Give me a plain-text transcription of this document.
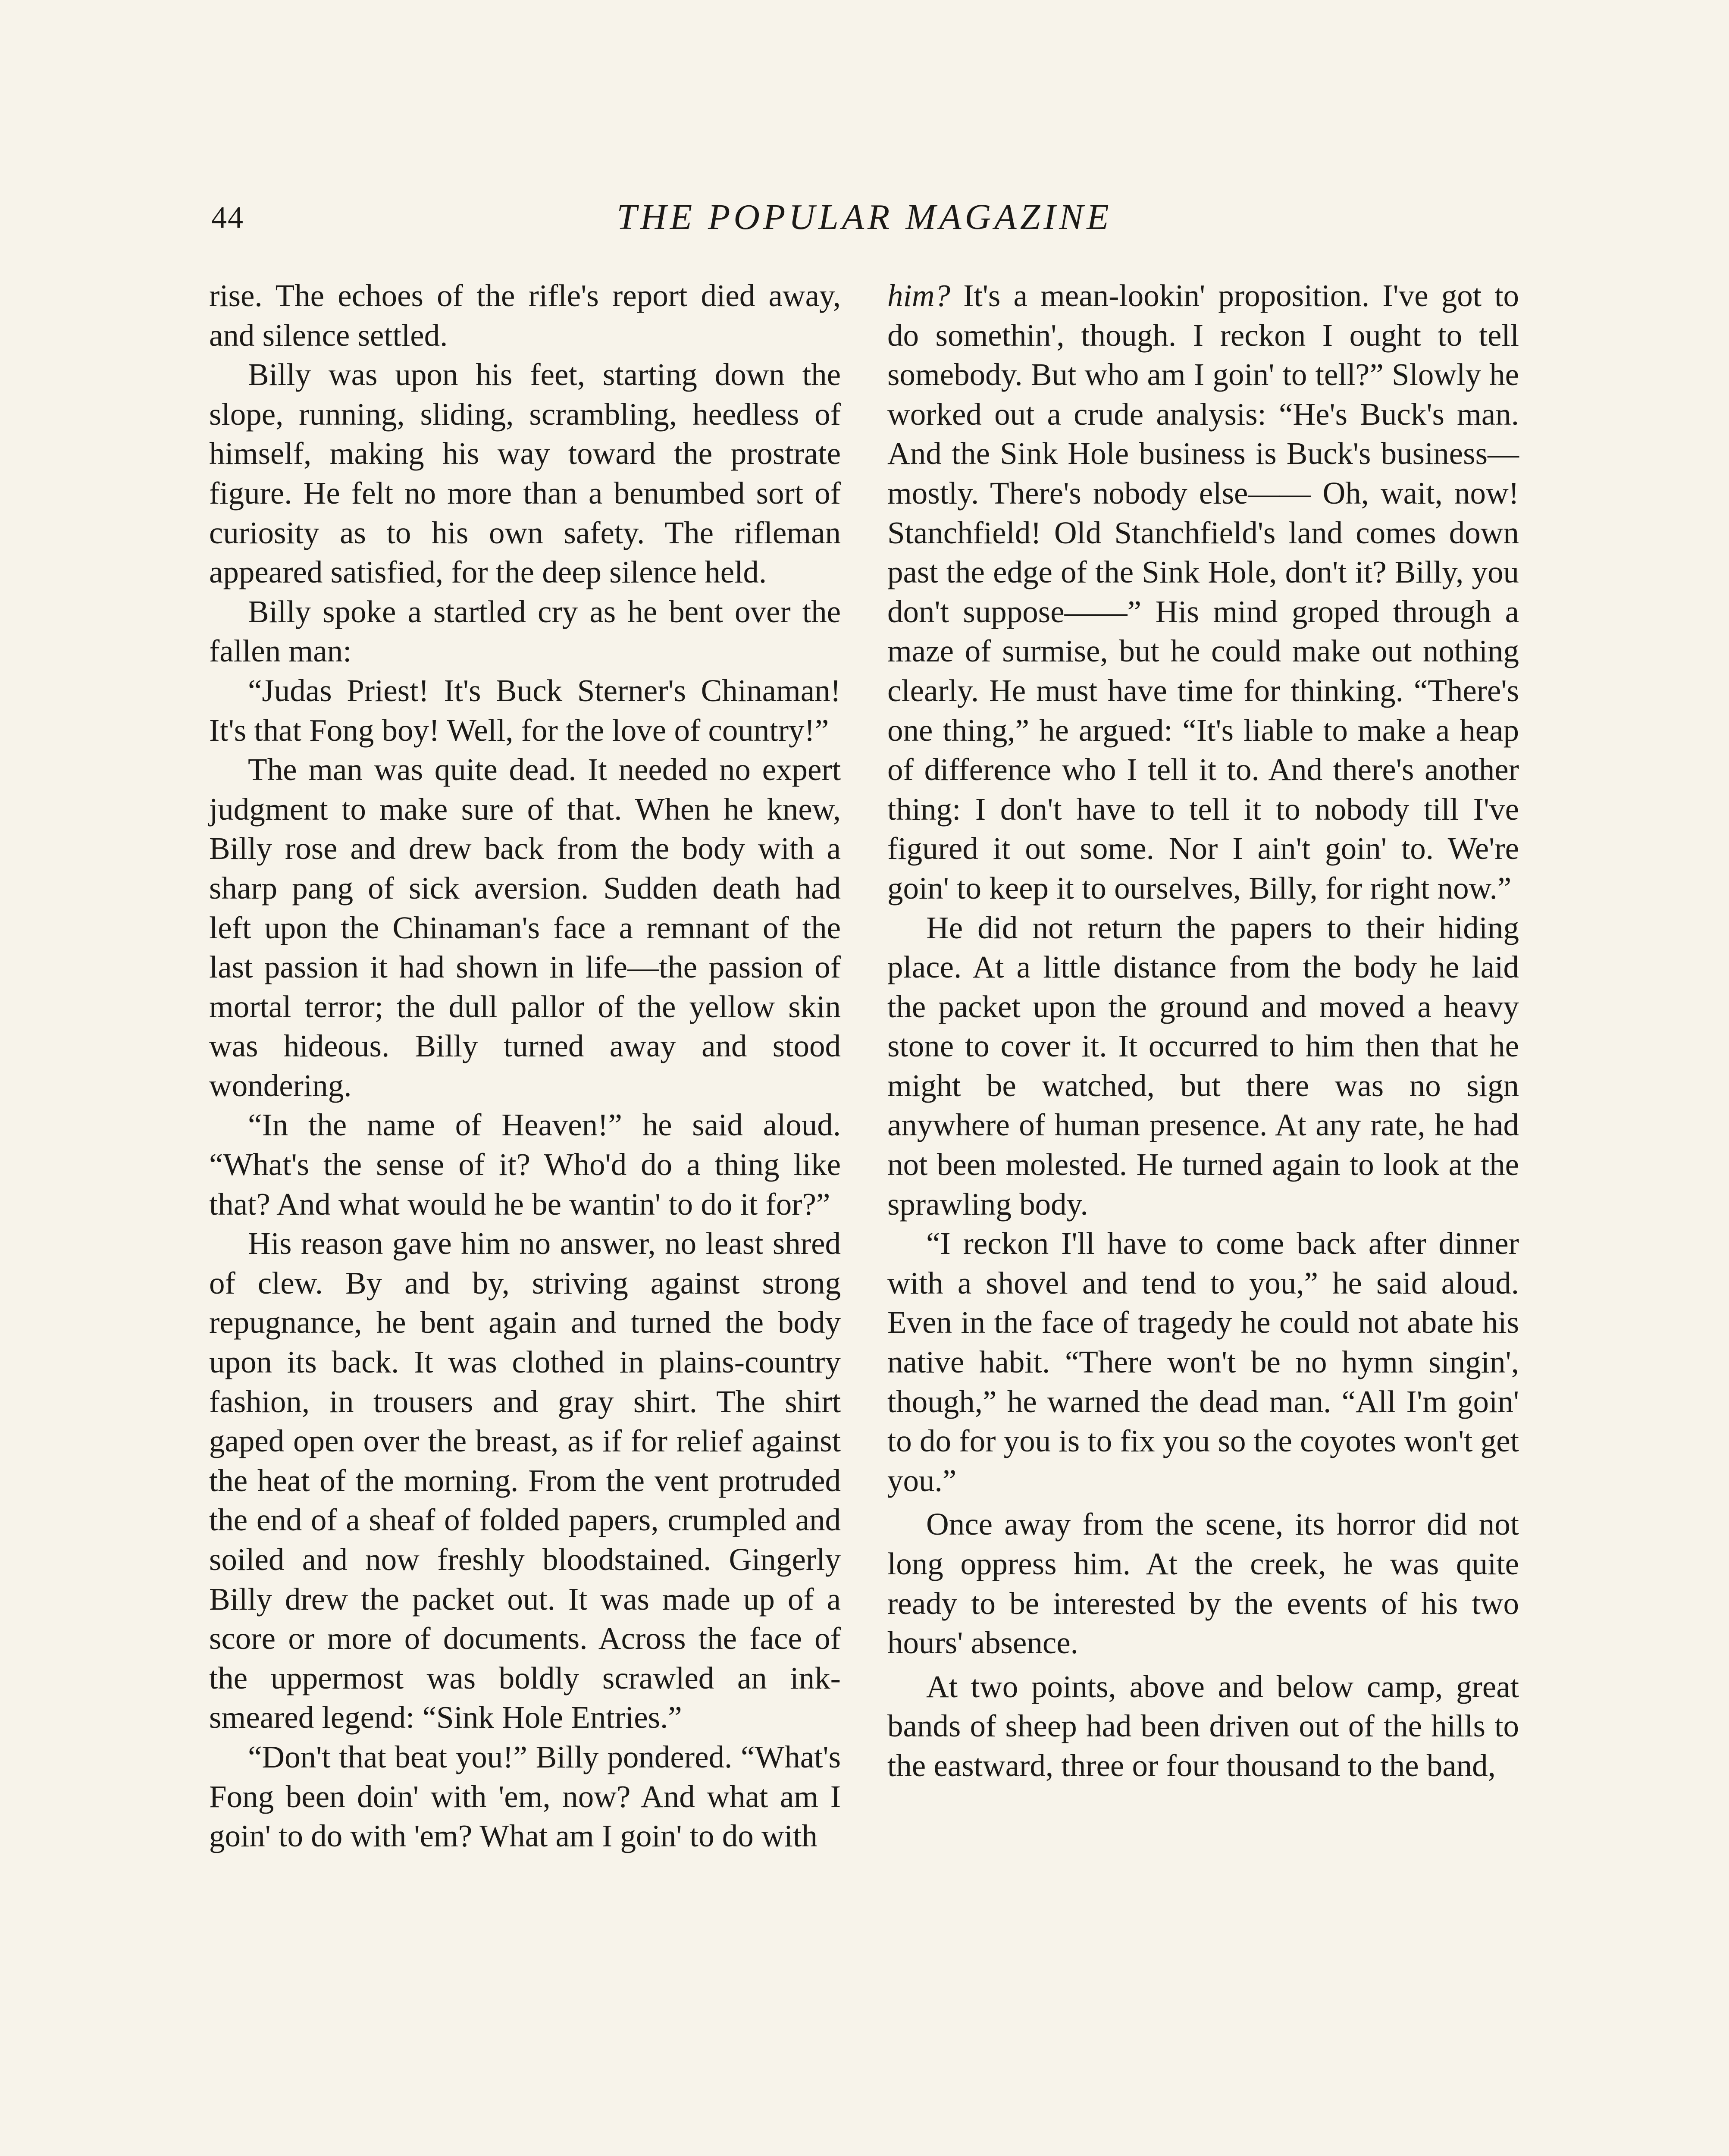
44	THE POPULAR MAGAZINE

rise. The echoes of the rifle's report died away, and silence settled.

Billy was upon his feet, starting down the slope, running, sliding, scrambling, heedless of himself, making his way toward the prostrate figure. He felt no more than a benumbed sort of curiosity as to his own safety. The rifleman appeared satisfied, for the deep silence held.

Billy spoke a startled cry as he bent over the fallen man:

“Judas Priest! It's Buck Sterner's Chinaman! It's that Fong boy! Well, for the love of country!”

The man was quite dead. It needed no expert judgment to make sure of that. When he knew, Billy rose and drew back from the body with a sharp pang of sick aversion. Sudden death had left upon the Chinaman's face a remnant of the last passion it had shown in life—the passion of mortal terror; the dull pallor of the yellow skin was hideous. Billy turned away and stood wondering.

“In the name of Heaven!” he said aloud. “What's the sense of it? Who'd do a thing like that? And what would he be wantin' to do it for?”

His reason gave him no answer, no least shred of clew. By and by, striving against strong repugnance, he bent again and turned the body upon its back. It was clothed in plains-country fashion, in trousers and gray shirt. The shirt gaped open over the breast, as if for relief against the heat of the morning. From the vent protruded the end of a sheaf of folded papers, crumpled and soiled and now freshly bloodstained. Gingerly Billy drew the packet out. It was made up of a score or more of documents. Across the face of the uppermost was boldly scrawled an ink-smeared legend: “Sink Hole Entries.”

“Don't that beat you!” Billy pondered. “What's Fong been doin' with 'em, now? And what am I goin' to do with 'em? What am I goin' to do with

him? It's a mean-lookin' proposition. I've got to do somethin', though. I reckon I ought to tell somebody. But who am I goin' to tell?” Slowly he worked out a crude analysis: “He's Buck's man. And the Sink Hole business is Buck's business—mostly. There's nobody else—— Oh, wait, now! Stanchfield! Old Stanchfield's land comes down past the edge of the Sink Hole, don't it? Billy, you don't suppose——” His mind groped through a maze of surmise, but he could make out nothing clearly. He must have time for thinking. “There's one thing,” he argued: “It's liable to make a heap of difference who I tell it to. And there's another thing: I don't have to tell it to nobody till I've figured it out some. Nor I ain't goin' to. We're goin' to keep it to ourselves, Billy, for right now.”

He did not return the papers to their hiding place. At a little distance from the body he laid the packet upon the ground and moved a heavy stone to cover it. It occurred to him then that he might be watched, but there was no sign anywhere of human presence. At any rate, he had not been molested. He turned again to look at the sprawling body.

“I reckon I'll have to come back after dinner with a shovel and tend to you,” he said aloud. Even in the face of tragedy he could not abate his native habit. “There won't be no hymn singin', though,” he warned the dead man. “All I'm goin' to do for you is to fix you so the coyotes won't get you.”

Once away from the scene, its horror did not long oppress him. At the creek, he was quite ready to be interested by the events of his two hours' absence.

At two points, above and below camp, great bands of sheep had been driven out of the hills to the eastward, three or four thousand to the band,
